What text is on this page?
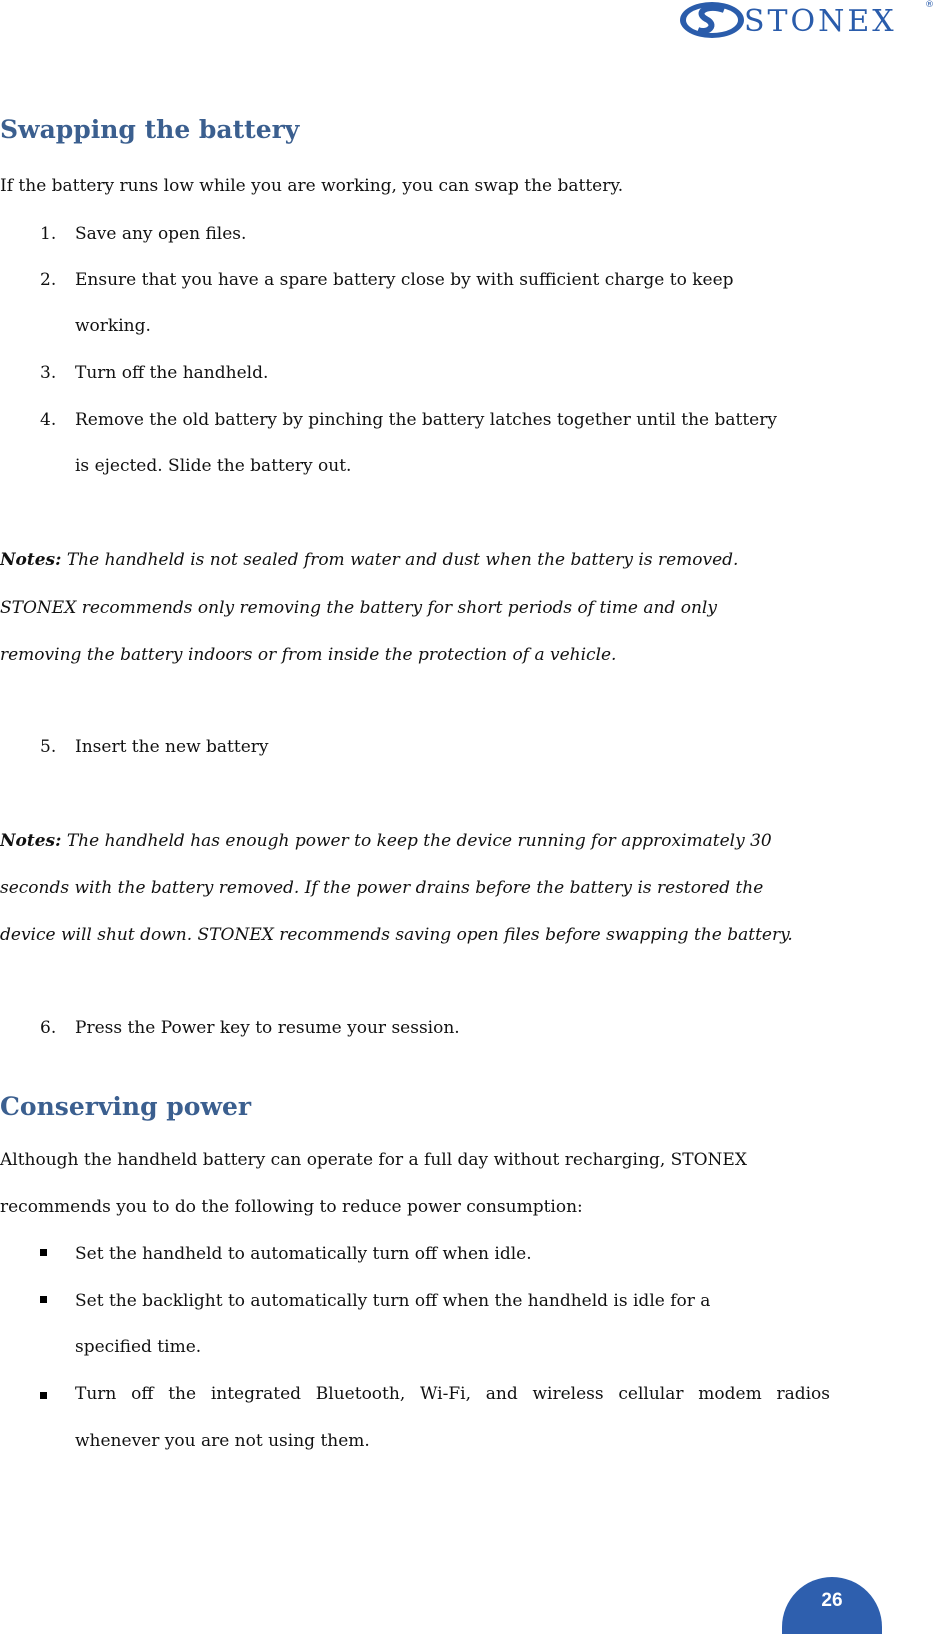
STONEX	®
Swapping the battery

If the battery runs low while you are working, you can swap the battery.

1. Save any open files.
2. Ensure that you have a spare battery close by with sufficient charge to keep
working.
3. Turn off the handheld.
4. Remove the old battery by pinching the battery latches together until the battery
is ejected. Slide the battery out.
Notes: The handheld is not sealed from water and dust when the battery is removed.
STONEX recommends only removing the battery for short periods of time and only
removing the battery indoors or from inside the protection of a vehicle.
5. Insert the new battery
Notes: The handheld has enough power to keep the device running for approximately 30
seconds with the battery removed. If the power drains before the battery is restored the
device will shut down. STONEX recommends saving open files before swapping the battery.
6. Press the Power key to resume your session.
Conserving power

Although the handheld battery can operate for a full day without recharging, STONEX

recommends you to do the following to reduce power consumption:

Set the handheld to automatically turn off when idle.
Set the backlight to automatically turn off when the handheld is idle for a
specified time.
Turn off the integrated Bluetooth, Wi-Fi, and wireless cellular modem radios
whenever you are not using them.
26
